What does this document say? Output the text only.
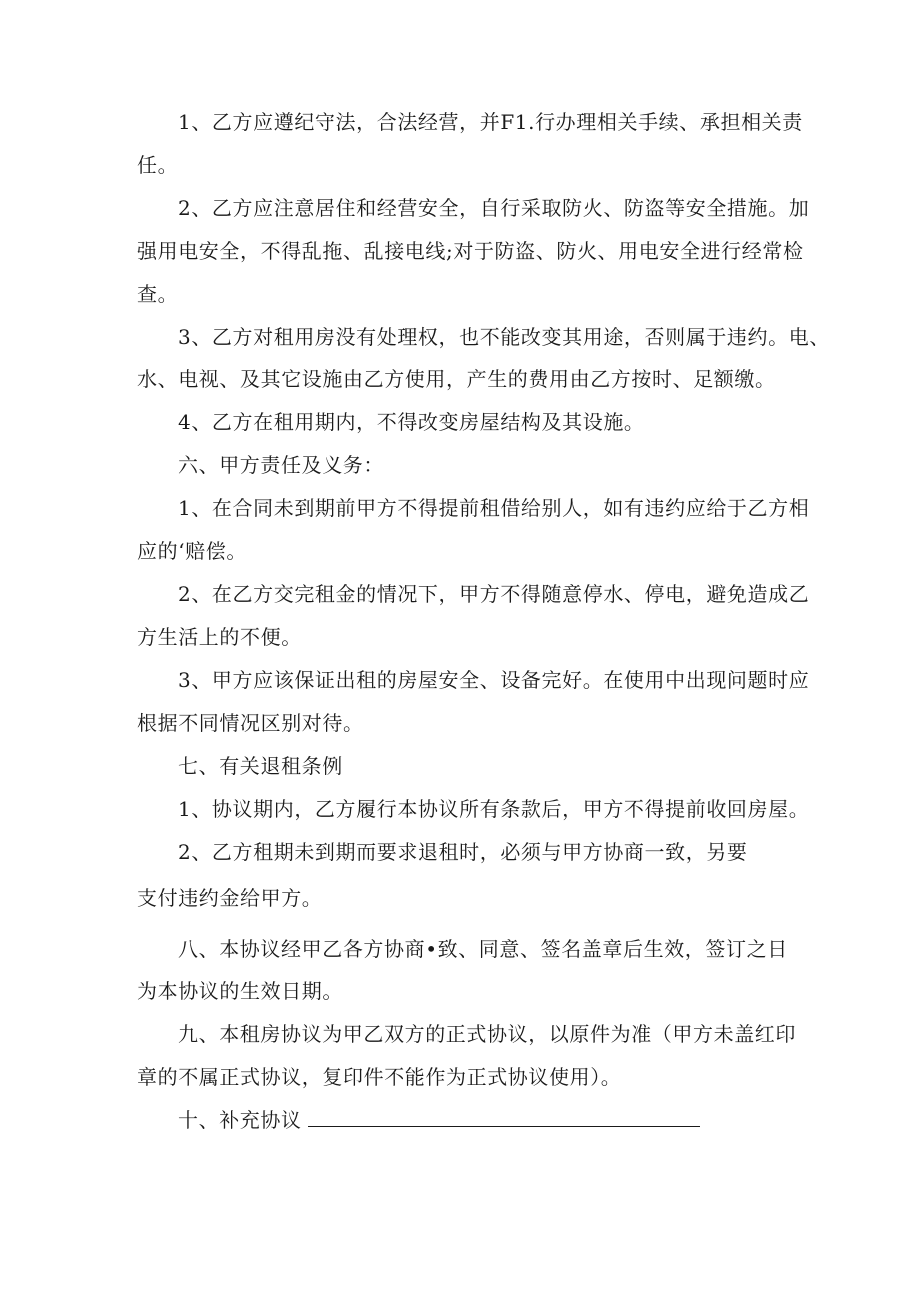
1、乙方应遵纪守法，合法经营，并F1.行办理相关手续、承担相关责
任。
2、乙方应注意居住和经营安全，自行采取防火、防盗等安全措施。加
强用电安全，不得乱拖、乱接电线;对于防盗、防火、用电安全进行经常检
查。
3、乙方对租用房没有处理权，也不能改变其用途，否则属于违约。电、
水、电视、及其它设施由乙方使用，产生的费用由乙方按时、足额缴。
4、乙方在租用期内，不得改变房屋结构及其设施。
六、甲方责任及义务：
1、在合同未到期前甲方不得提前租借给别人，如有违约应给于乙方相
应的‘赔偿。
2、在乙方交完租金的情况下，甲方不得随意停水、停电，避免造成乙
方生活上的不便。
3、甲方应该保证出租的房屋安全、设备完好。在使用中出现问题时应
根据不同情况区别对待。
七、有关退租条例
1、协议期内，乙方履行本协议所有条款后，甲方不得提前收回房屋。
2、乙方租期未到期而要求退租时，必须与甲方协商一致，另要
支付违约金给甲方。
八、本协议经甲乙各方协商•致、同意、签名盖章后生效，签订之日
为本协议的生效日期。
九、本租房协议为甲乙双方的正式协议，以原件为准（甲方未盖红印
章的不属正式协议，复印件不能作为正式协议使用）。
十、补充协议
